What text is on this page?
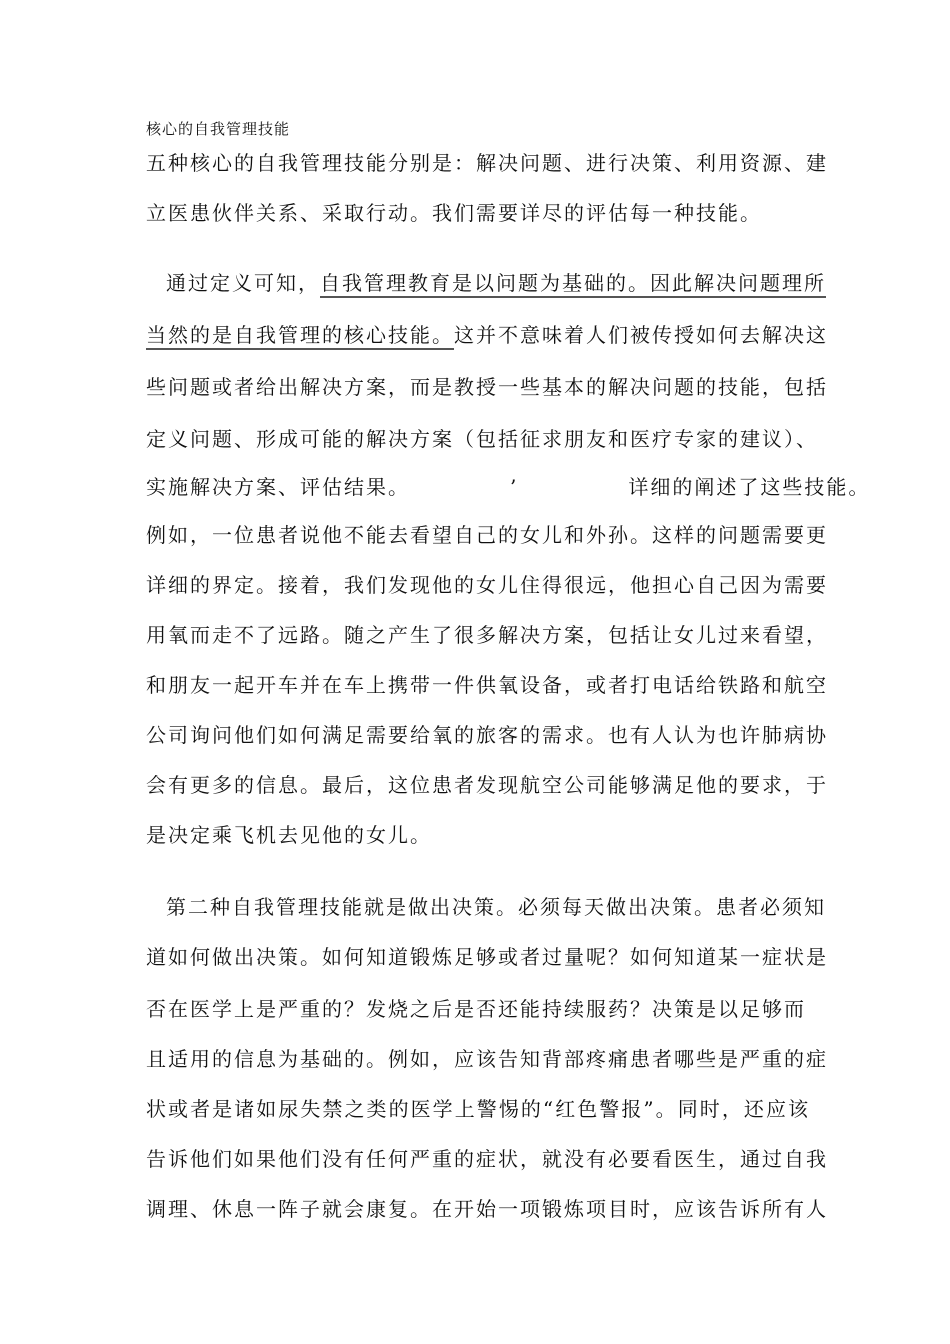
核心的自我管理技能
五种核心的自我管理技能分别是：解决问题、进行决策、利用资源、建
立医患伙伴关系、采取行动。我们需要详尽的评估每一种技能。
通过定义可知，自我管理教育是以问题为基础的。因此解决问题理所
当然的是自我管理的核心技能。这并不意味着人们被传授如何去解决这
些问题或者给出解决方案，而是教授一些基本的解决问题的技能，包括
定义问题、形成可能的解决方案（包括征求朋友和医疗专家的建议）、
实施解决方案、评估结果。　　　　　’　　　　　详细的阐述了这些技能。
例如，一位患者说他不能去看望自己的女儿和外孙。这样的问题需要更
详细的界定。接着，我们发现他的女儿住得很远，他担心自己因为需要
用氧而走不了远路。随之产生了很多解决方案，包括让女儿过来看望，
和朋友一起开车并在车上携带一件供氧设备，或者打电话给铁路和航空
公司询问他们如何满足需要给氧的旅客的需求。也有人认为也许肺病协
会有更多的信息。最后，这位患者发现航空公司能够满足他的要求，于
是决定乘飞机去见他的女儿。
第二种自我管理技能就是做出决策。必须每天做出决策。患者必须知
道如何做出决策。如何知道锻炼足够或者过量呢？如何知道某一症状是
否在医学上是严重的？发烧之后是否还能持续服药？决策是以足够而
且适用的信息为基础的。例如，应该告知背部疼痛患者哪些是严重的症
状或者是诸如尿失禁之类的医学上警惕的“红色警报”。同时，还应该
告诉他们如果他们没有任何严重的症状，就没有必要看医生，通过自我
调理、休息一阵子就会康复。在开始一项锻炼项目时，应该告诉所有人
